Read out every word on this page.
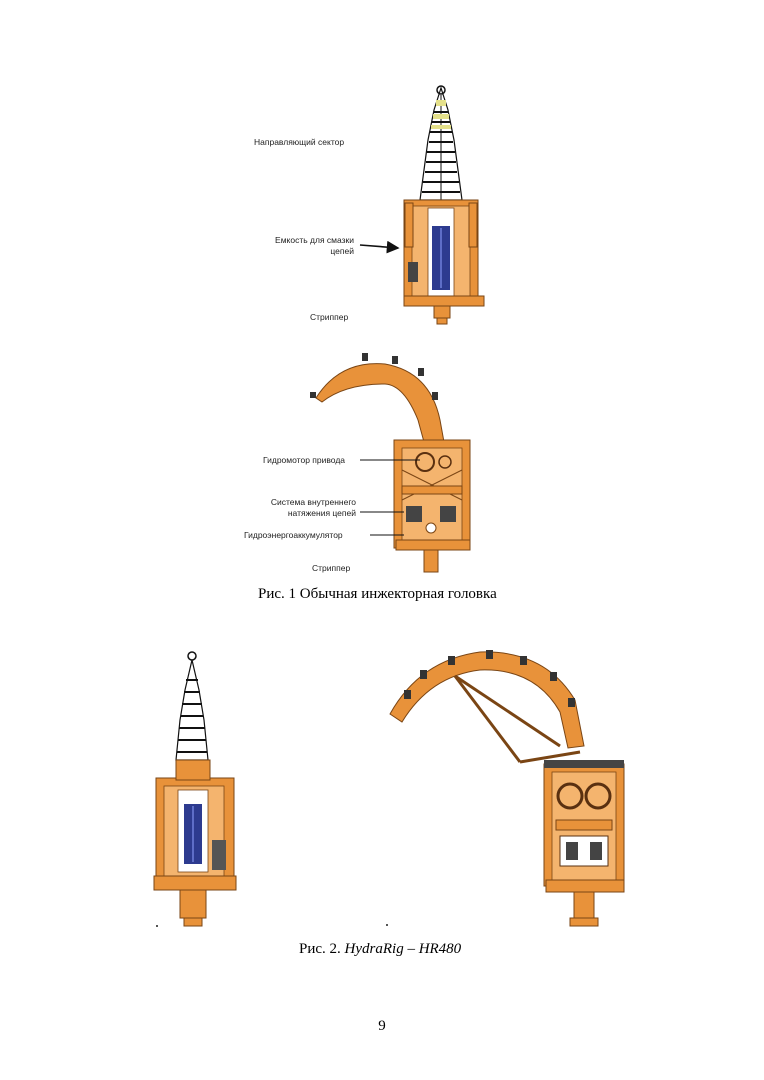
Направляющий сектор
Емкость для смазки
цепей
Стриппер
Гидромотор привода
Система внутреннего
натяжения цепей
Гидроэнергоаккумулятор
Стриппер
Рис. 1 Обычная инжекторная головка
Рис. 2. HydraRig – HR480
9
